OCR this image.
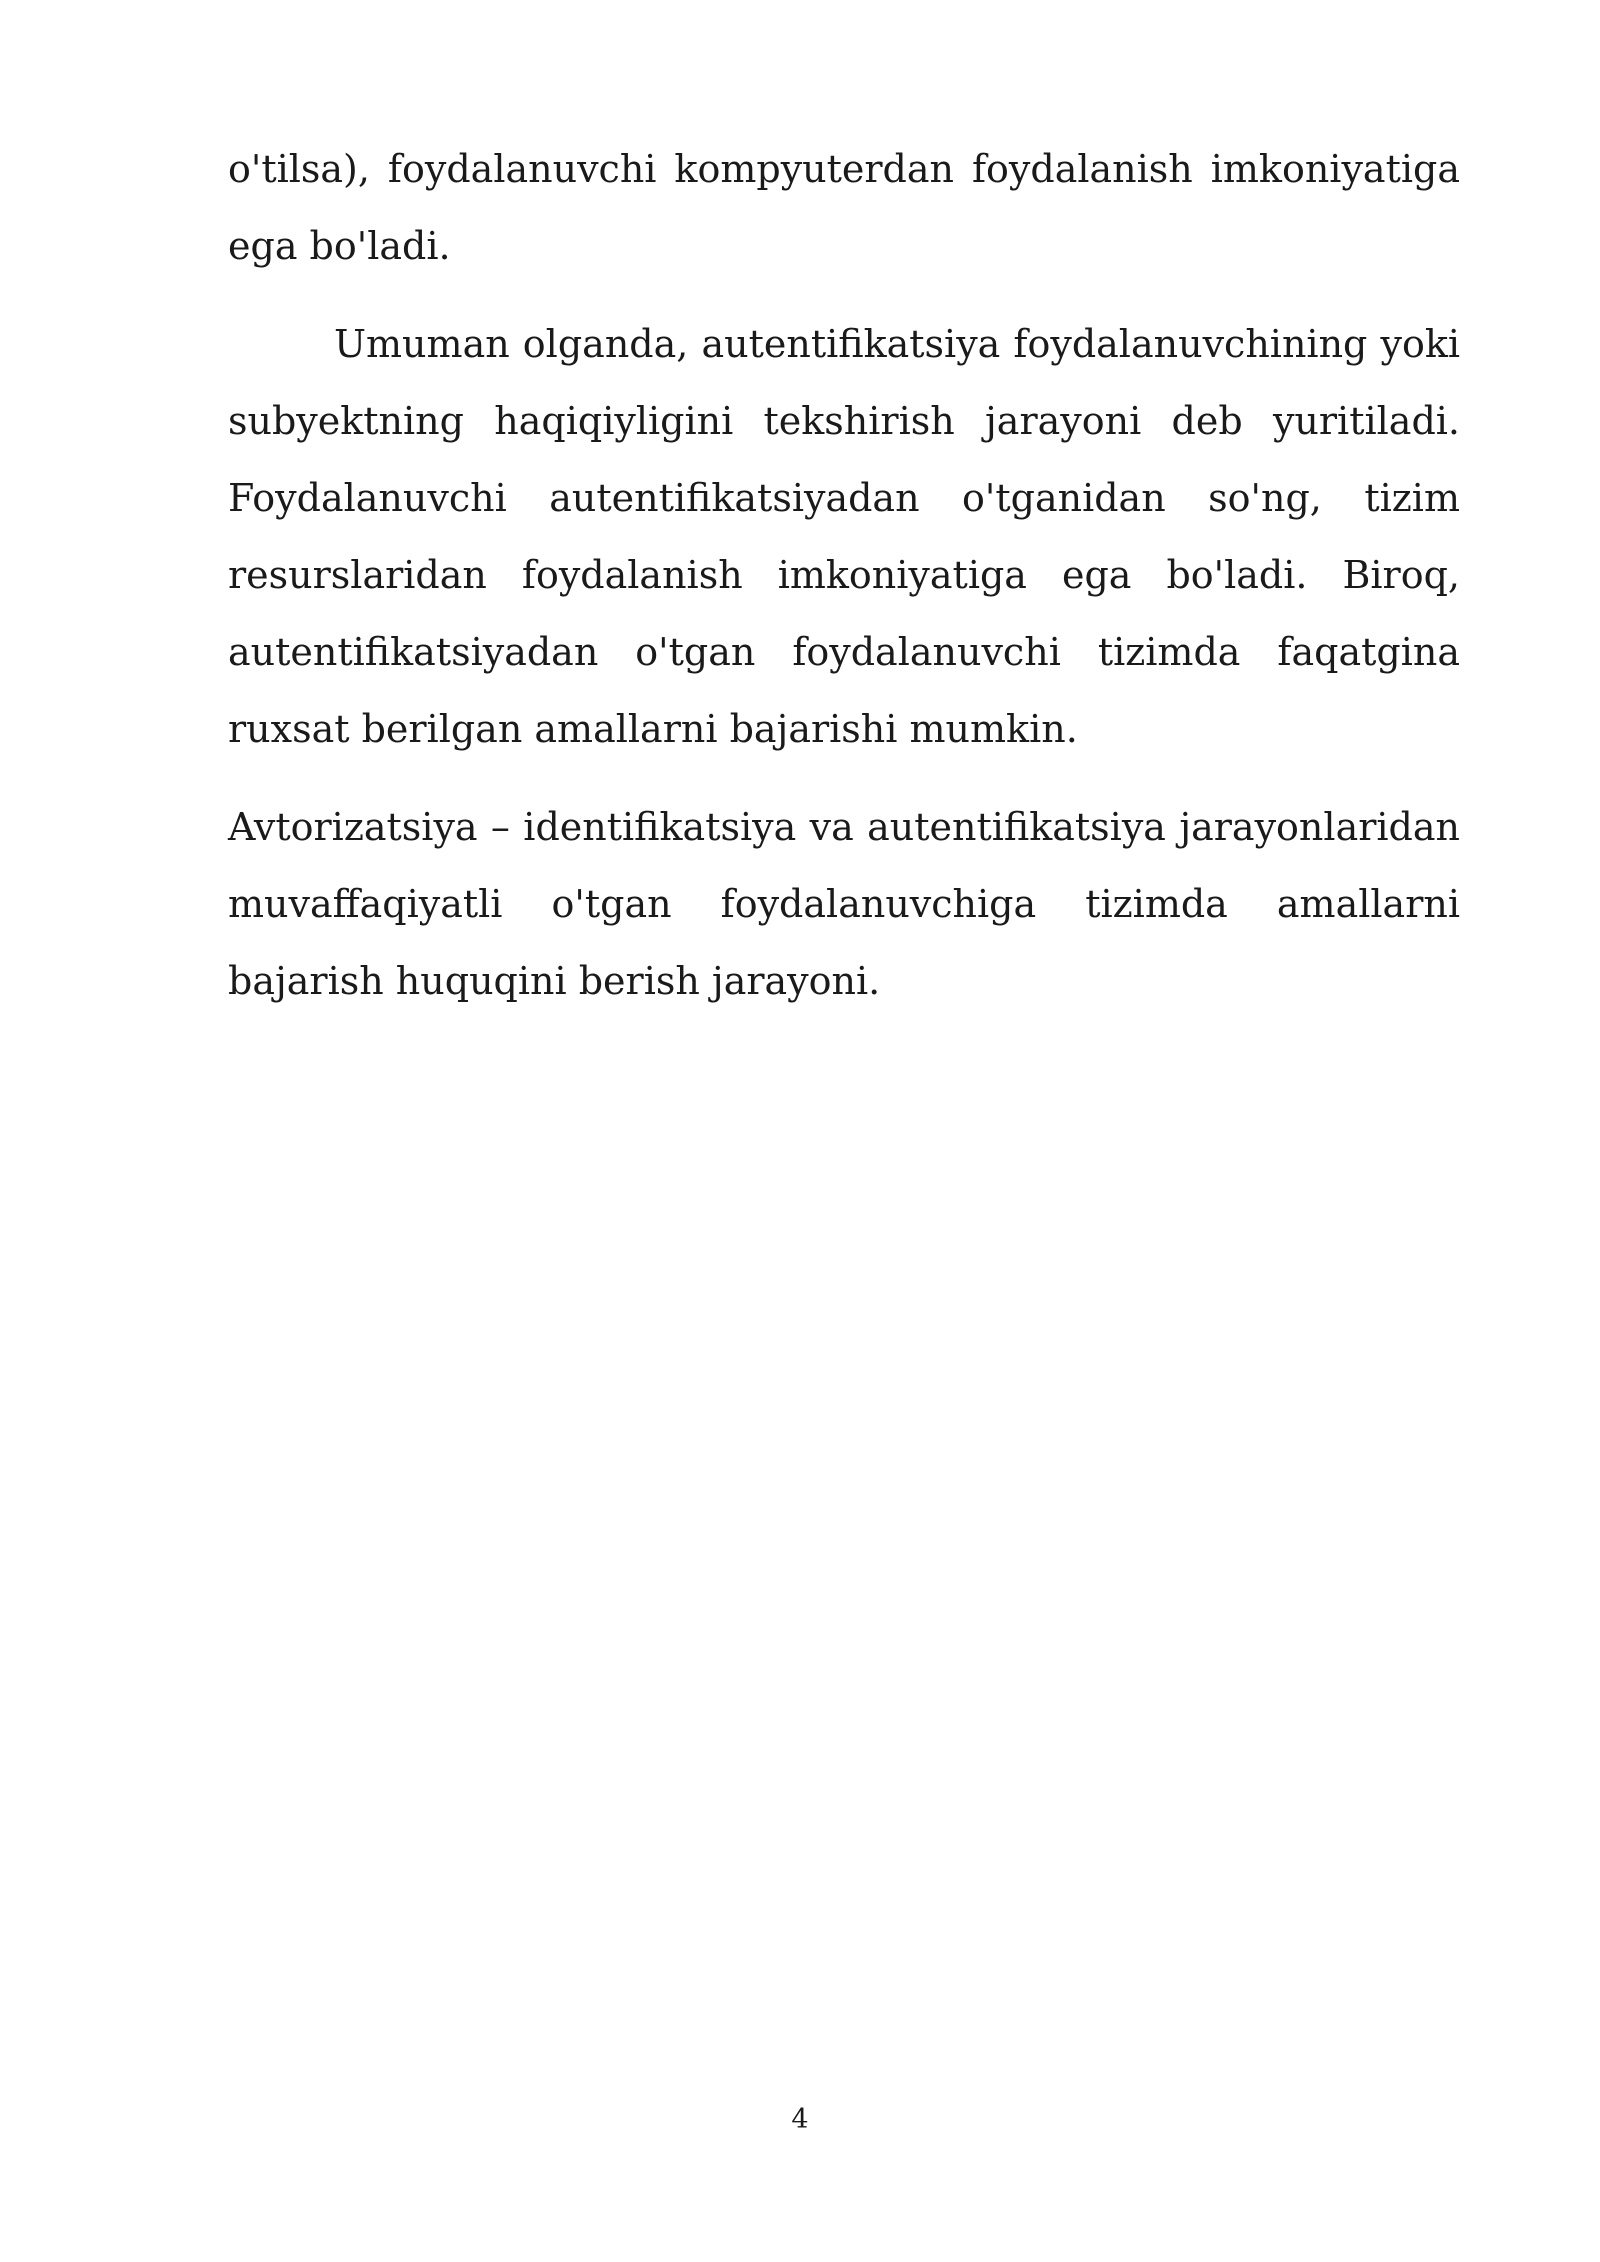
o'tilsa), foydalanuvchi kompyuterdan foydalanish imkoniyatiga ega bo'ladi.

Umuman olganda, autentifikatsiya foydalanuvchining yoki subyektning haqiqiyligini tekshirish jarayoni deb yuritiladi. Foydalanuvchi autentifikatsiyadan o'tganidan so'ng, tizim resurslaridan foydalanish imkoniyatiga ega bo'ladi. Biroq, autentifikatsiyadan o'tgan foydalanuvchi tizimda faqatgina ruxsat berilgan amallarni bajarishi mumkin.

Avtorizatsiya – identifikatsiya va autentifikatsiya jarayonlaridan muvaffaqiyatli o'tgan foydalanuvchiga tizimda amallarni bajarish huquqini berish jarayoni.

4
